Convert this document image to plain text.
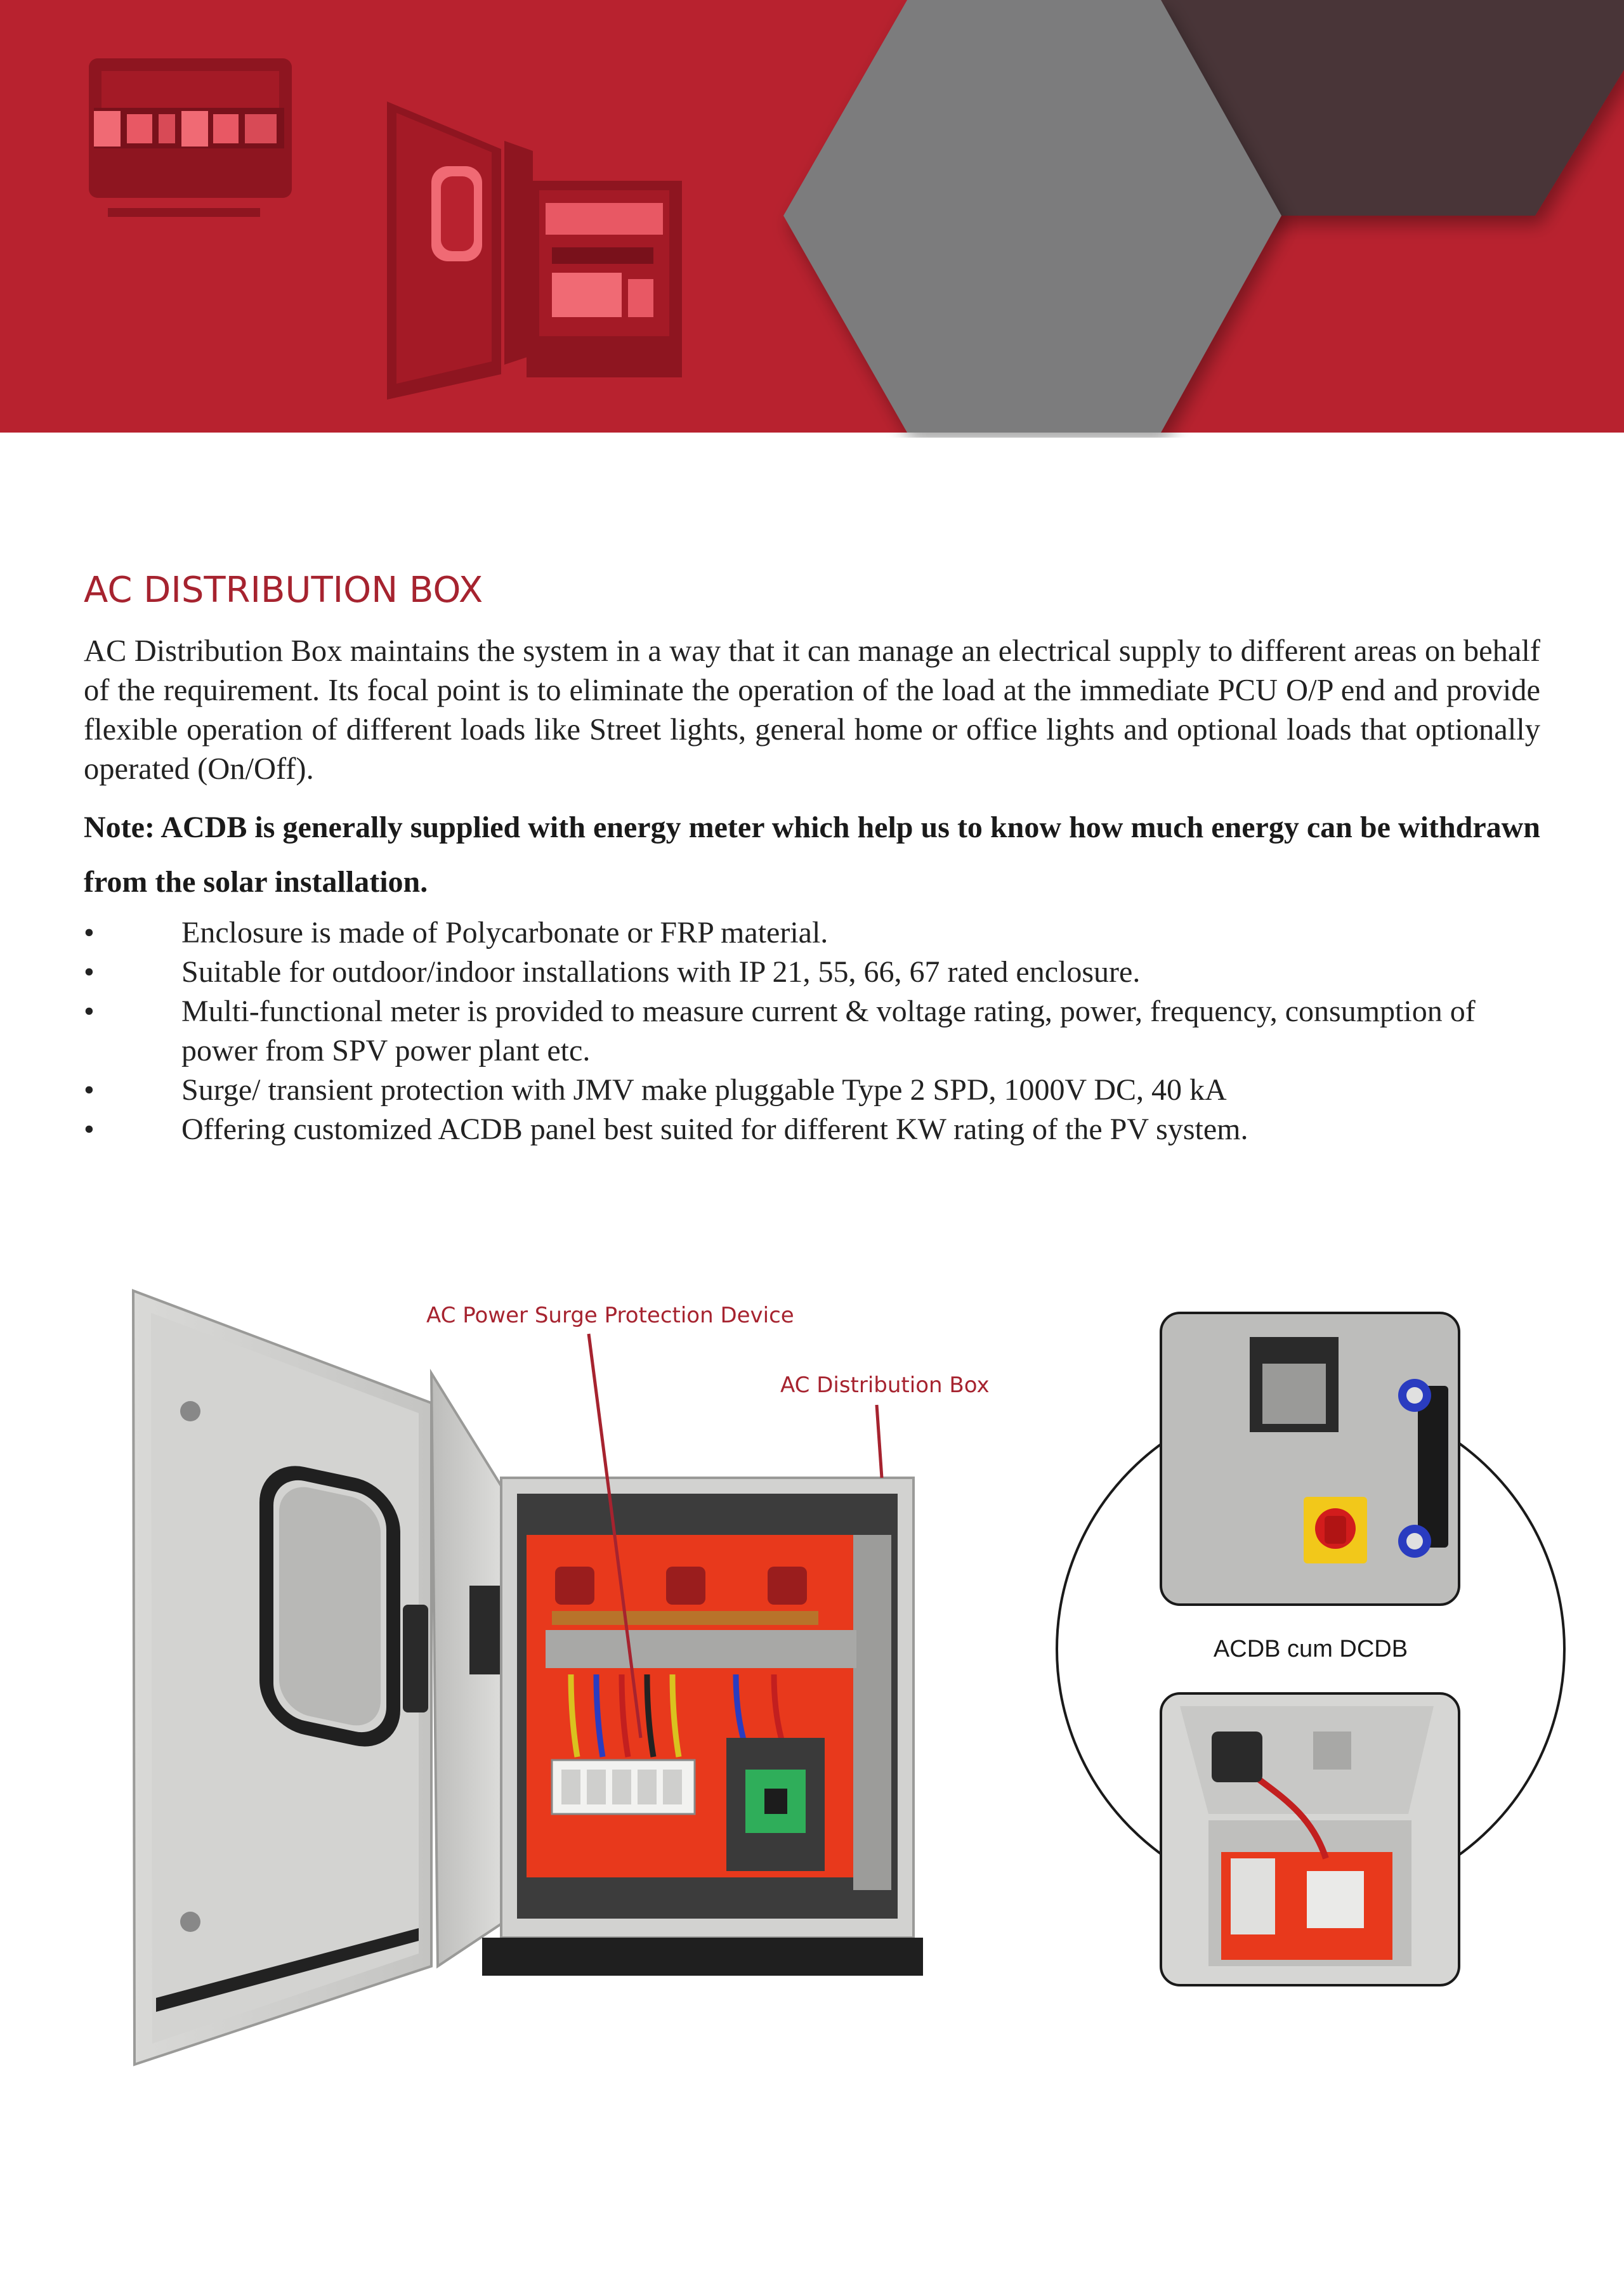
AC DISTRIBUTION BOX

AC Distribution Box maintains the system in a way that it can manage an electrical supply to different areas on behalf of the requirement. Its focal point is to eliminate the operation of the load at the immediate PCU O/P end and provide flexible operation of different loads like Street lights, general home or office lights and optional loads that optionally operated (On/Off).

Note: ACDB is generally supplied with energy meter which help us to know how much energy can be withdrawn from the solar installation.

•	Enclosure is made of Polycarbonate or FRP material.
•	Suitable for outdoor/indoor installations with IP 21, 55, 66, 67 rated enclosure.
•	Multi-functional meter is provided to measure current & voltage rating, power, frequency, consumption of power from SPV power plant etc.
•	Surge/ transient protection with JMV make pluggable Type 2 SPD, 1000V DC, 40 kA
•	Offering customized ACDB panel best suited for different KW rating of the PV system.
AC Power Surge Protection Device
AC Distribution Box
ACDB cum DCDB
